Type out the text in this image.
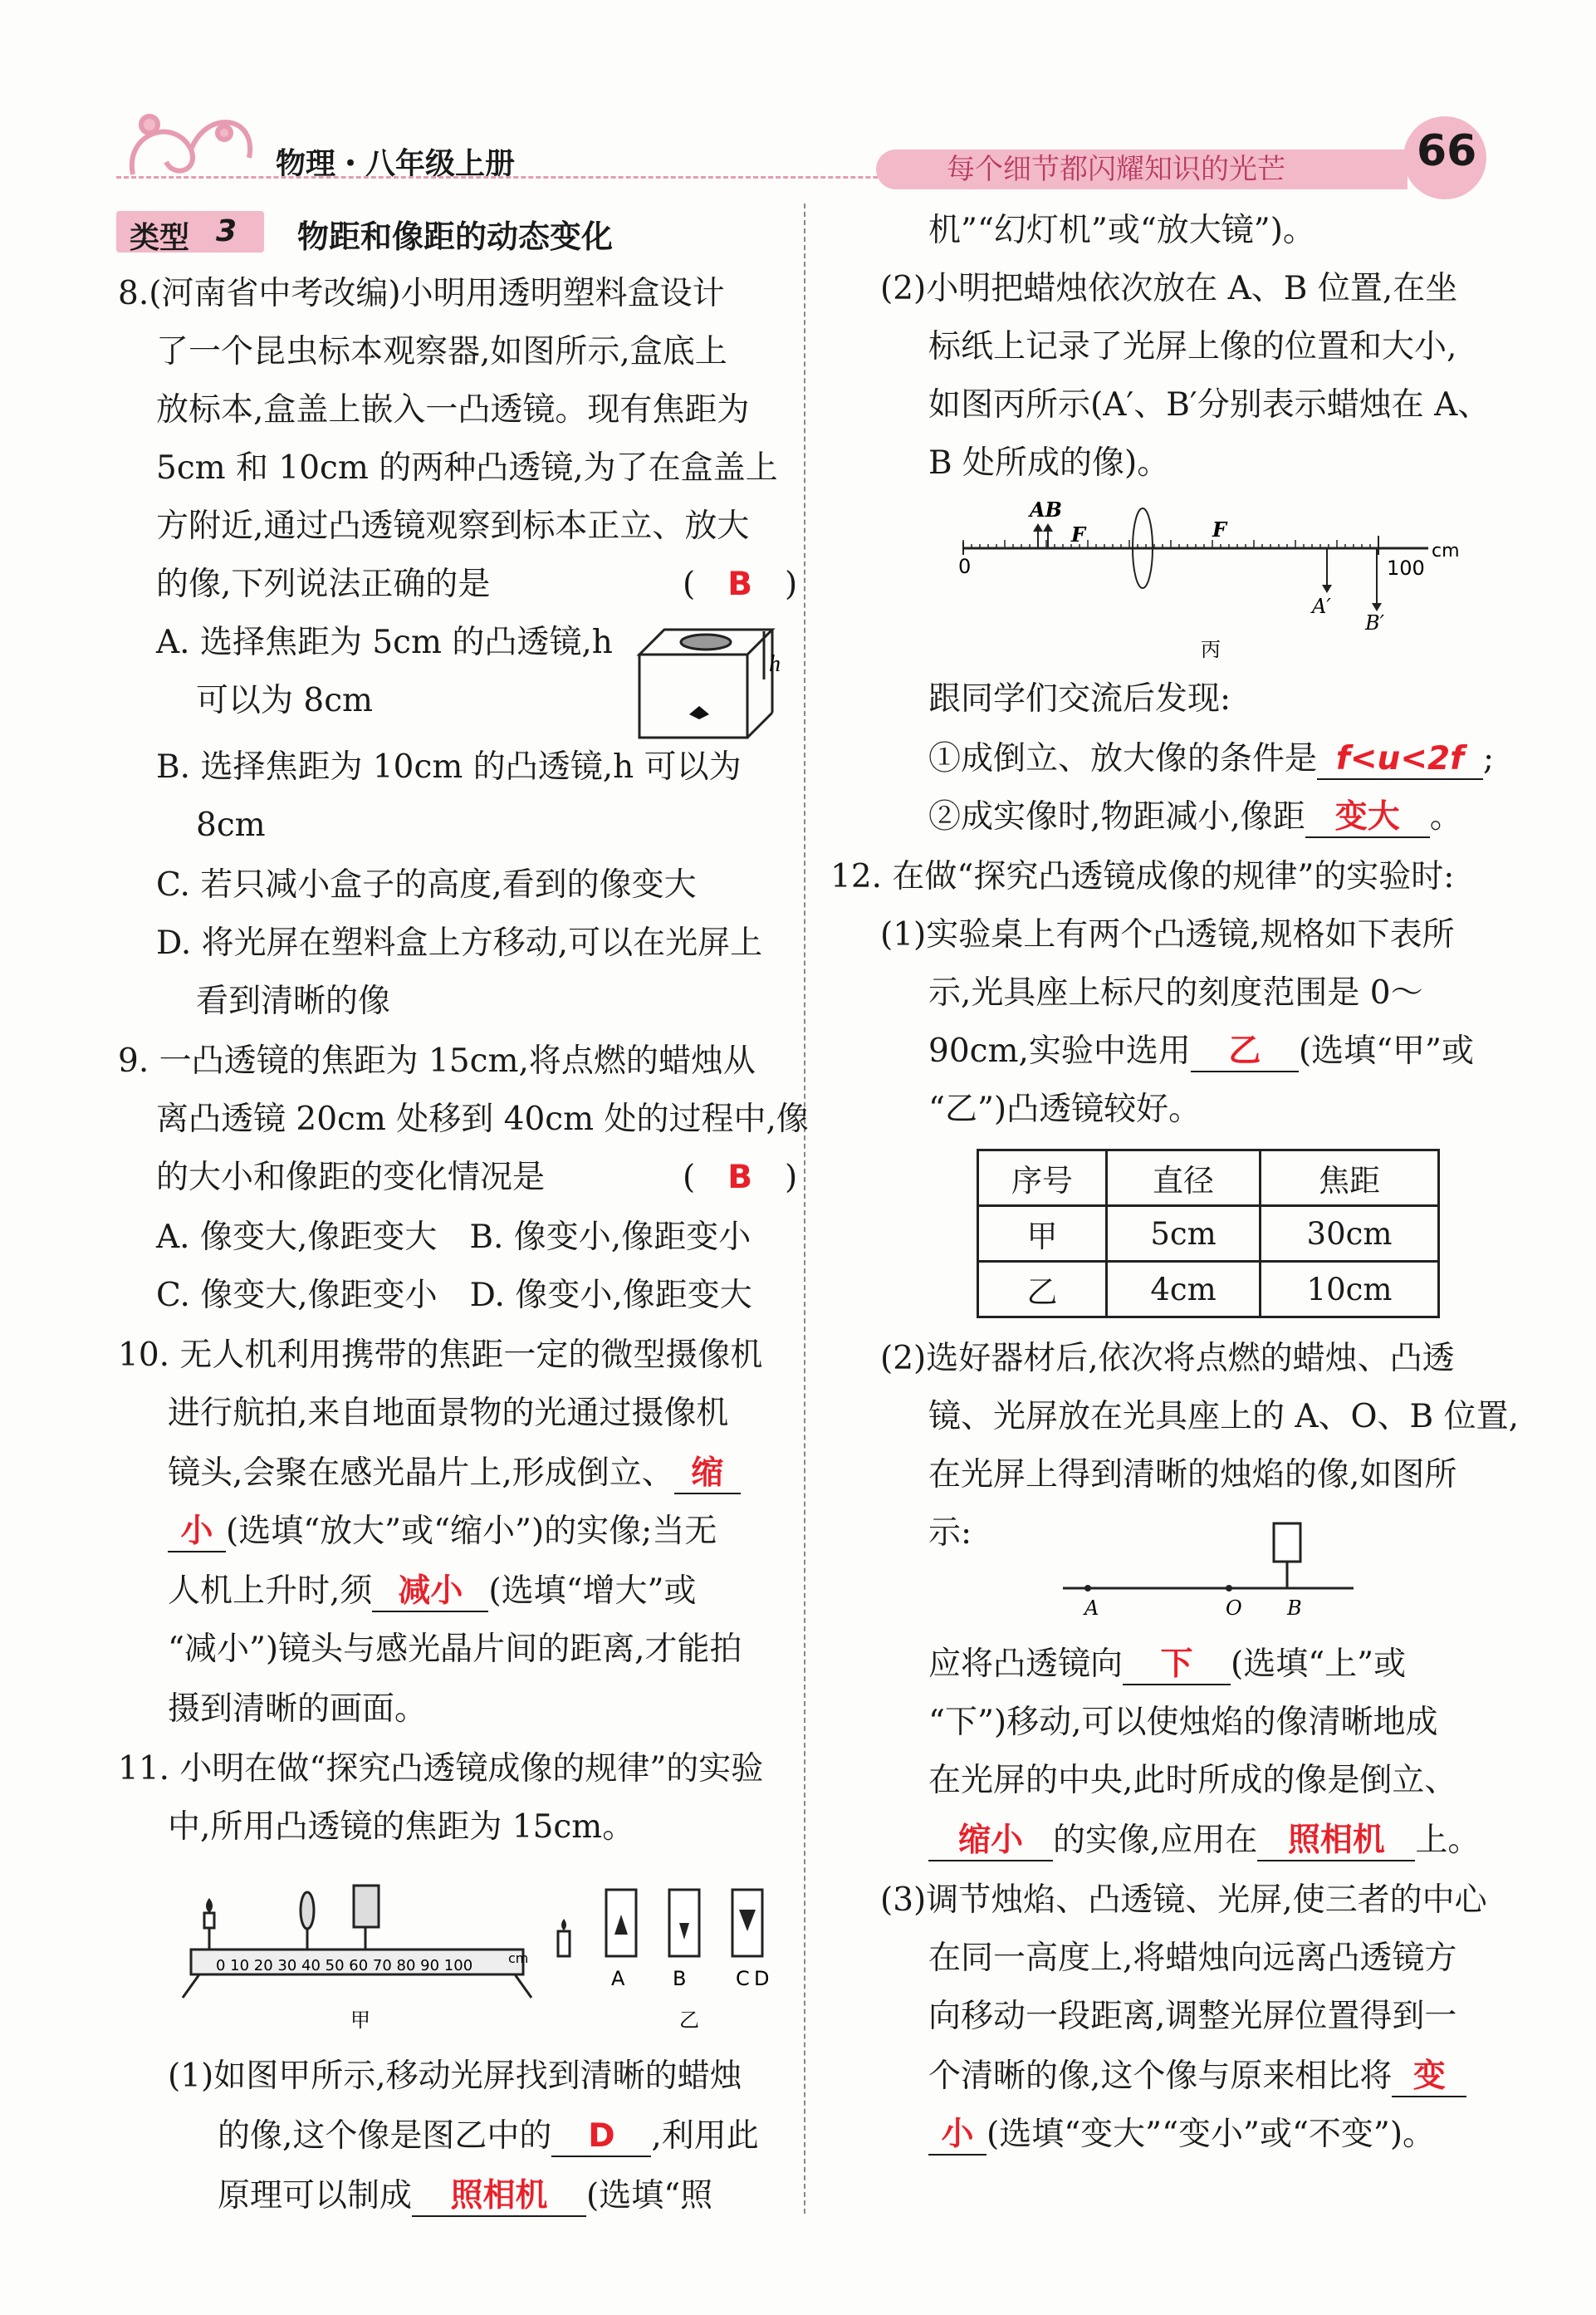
物理・八年级上册	每个细节都闪耀知识的光芒	66
类型 3 物距和像距的动态变化
8.(河南省中考改编)小明用透明塑料盒设计
了一个昆虫标本观察器,如图所示,盒底上
放标本,盒盖上嵌入一凸透镜。现有焦距为
5cm 和 10cm 的两种凸透镜,为了在盒盖上
方附近,通过凸透镜观察到标本正立、放大
的像,下列说法正确的是	(　B　)
A. 选择焦距为 5cm 的凸透镜,h
可以为 8cm
h
B. 选择焦距为 10cm 的凸透镜,h 可以为
8cm
C. 若只减小盒子的高度,看到的像变大
D. 将光屏在塑料盒上方移动,可以在光屏上
看到清晰的像
9. 一凸透镜的焦距为 15cm,将点燃的蜡烛从
离凸透镜 20cm 处移到 40cm 处的过程中,像
的大小和像距的变化情况是	(　B　)
A. 像变大,像距变大　B. 像变小,像距变小
C. 像变大,像距变小　D. 像变小,像距变大
10. 无人机利用携带的焦距一定的微型摄像机
进行航拍,来自地面景物的光通过摄像机
镜头,会聚在感光晶片上,形成倒立、 缩
小 (选填“放大”或“缩小”)的实像;当无
人机上升时,须 减小 (选填“增大”或
“减小”)镜头与感光晶片间的距离,才能拍
摄到清晰的画面。
11. 小明在做“探究凸透镜成像的规律”的实验
中,所用凸透镜的焦距为 15cm。
0 10 20 30 40 50 60 70 80 90 100	cm
甲
A B C D
乙
(1)如图甲所示,移动光屏找到清晰的蜡烛
的像,这个像是图乙中的 D ,利用此
原理可以制成 照相机 (选填“照
机”“幻灯机”或“放大镜”)。
(2)小明把蜡烛依次放在 A、B 位置,在坐
标纸上记录了光屏上像的位置和大小,
如图丙所示(A′、B′分别表示蜡烛在 A、
B 处所成的像)。
AB
F	F
0	100
cm
A′
B′
丙
跟同学们交流后发现:
①成倒立、放大像的条件是 f<u<2f ;
②成实像时,物距减小,像距 变大 。
12. 在做“探究凸透镜成像的规律”的实验时:
(1)实验桌上有两个凸透镜,规格如下表所
示,光具座上标尺的刻度范围是 0～
90cm,实验中选用 乙 (选填“甲”或
“乙”)凸透镜较好。
序号	直径	焦距
甲	5cm	30cm
乙	4cm	10cm
(2)选好器材后,依次将点燃的蜡烛、凸透
镜、光屏放在光具座上的 A、O、B 位置,
在光屏上得到清晰的烛焰的像,如图所
示:
A	O B
应将凸透镜向 下 (选填“上”或
“下”)移动,可以使烛焰的像清晰地成
在光屏的中央,此时所成的像是倒立、
缩小 的实像,应用在 照相机 上。
(3)调节烛焰、凸透镜、光屏,使三者的中心
在同一高度上,将蜡烛向远离凸透镜方
向移动一段距离,调整光屏位置得到一
个清晰的像,这个像与原来相比将 变
小 (选填“变大”“变小”或“不变”)。
